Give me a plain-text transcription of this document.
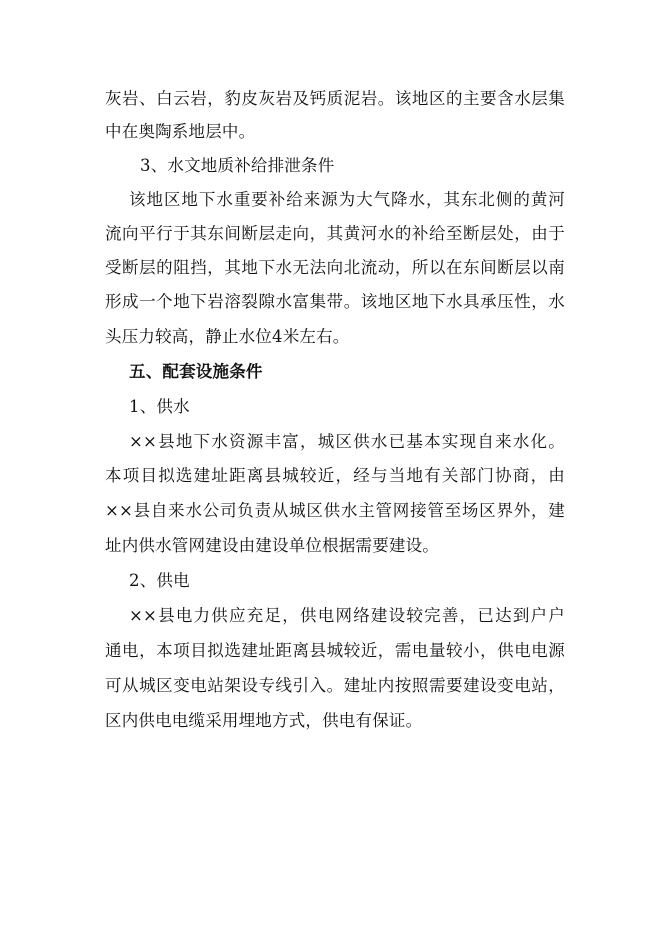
灰岩、白云岩，豹皮灰岩及钙质泥岩。该地区的主要含水层集
中在奥陶系地层中。
3、水文地质补给排泄条件
该地区地下水重要补给来源为大气降水，其东北侧的黄河
流向平行于其东间断层走向，其黄河水的补给至断层处，由于
受断层的阻挡，其地下水无法向北流动，所以在东间断层以南
形成一个地下岩溶裂隙水富集带。该地区地下水具承压性，水
头压力较高，静止水位4米左右。
五、配套设施条件
1、供水
××县地下水资源丰富，城区供水已基本实现自来水化。
本项目拟选建址距离县城较近，经与当地有关部门协商，由
××县自来水公司负责从城区供水主管网接管至场区界外，建
址内供水管网建设由建设单位根据需要建设。
2、供电
××县电力供应充足，供电网络建设较完善，已达到户户
通电，本项目拟选建址距离县城较近，需电量较小，供电电源
可从城区变电站架设专线引入。建址内按照需要建设变电站，
区内供电电缆采用埋地方式，供电有保证。
